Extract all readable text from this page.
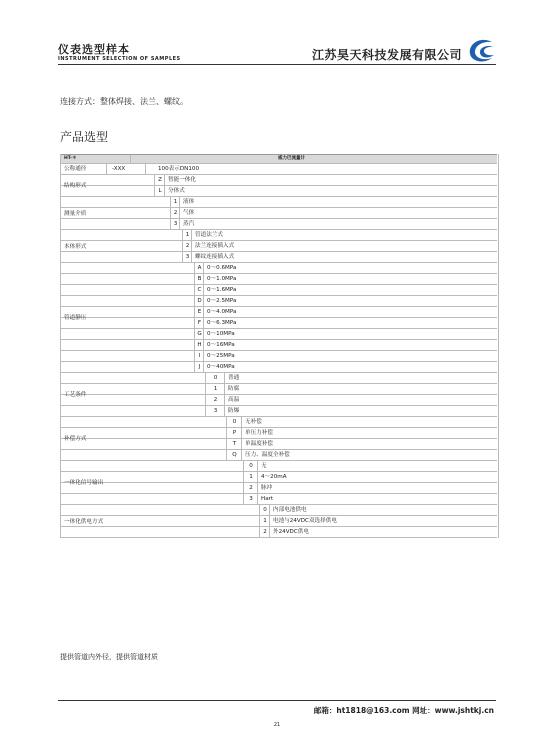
仪表选型样本
INSTRUMENT SELECTION OF SAMPLES	江苏昊天科技发展有限公司
连接方式：整体焊接、法兰、螺纹。
产品选型
HT-＊	威力巴流量计
公称通径	-XXX	100表示DN100
Z 智能一体化
L 分体式
结构形式
1 液体
2 气体
3 蒸汽
测量介质
1 管道法兰式
2 法兰连接插入式
3 螺纹连接插入式
本体形式
A 0～0.6MPa
B 0～1.0MPa
C 0～1.6MPa
D 0～2.5MPa
E 0～4.0MPa
F 0～6.3MPa
G 0～10MPa
H 0～16MPa
I 0～25MPa
J 0～40MPa
管道静压
0	普通
1	防腐
2	高温
3	防爆
工艺条件
0	无补偿
P	单压力补偿
T	单温度补偿
Q	压力、温度全补偿
补偿方式
0	无
1	4～20mA
2	脉冲
3	Hart
一体化信号输出
0 内部电池供电
1 电池与24VDC双选择供电
2 外24VDC供电
一体化供电方式
提供管道内外径，提供管道材质
邮箱：ht1818@163.com 网址：www.jshtkj.cn
21
